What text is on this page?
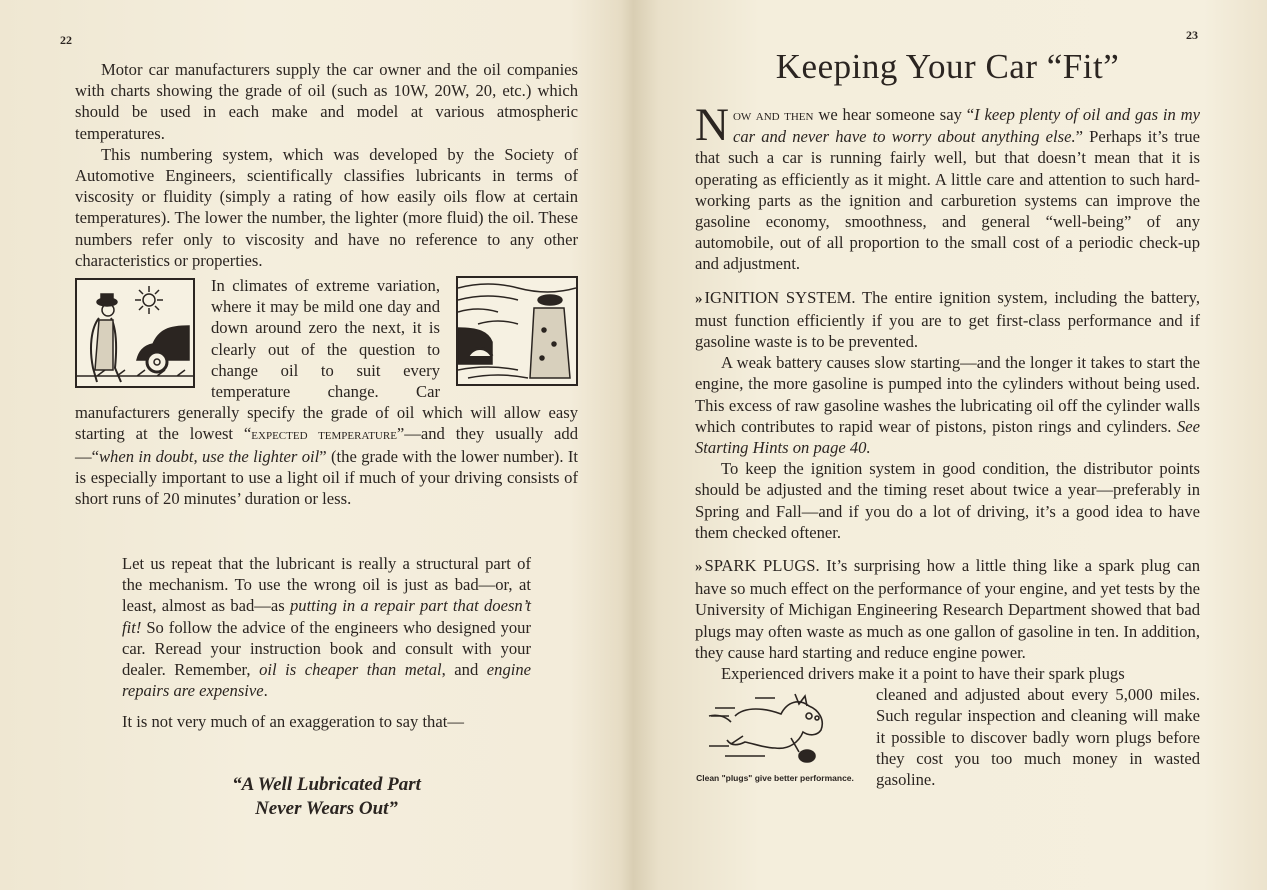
22

Motor car manufacturers supply the car owner and the oil companies with charts showing the grade of oil (such as 10W, 20W, 20, etc.) which should be used in each make and model at various atmospheric temperatures.

This numbering system, which was developed by the Society of Automotive Engineers, scientifically classifies lubricants in terms of viscosity or fluidity (simply a rating of how easily oils flow at certain temperatures). The lower the number, the lighter (more fluid) the oil. These numbers refer only to viscosity and have no reference to any other characteristics or properties.

In climates of extreme variation, where it may be mild one day and down around zero the next, it is clearly out of the question to change oil to suit every temperature change. Car manufacturers generally specify the grade of oil which will allow easy starting at the lowest “expected temperature”—and they usually add—“when in doubt, use the lighter oil” (the grade with the lower number). It is especially important to use a light oil if much of your driving consists of short runs of 20 minutes’ duration or less.

Let us repeat that the lubricant is really a structural part of the mechanism. To use the wrong oil is just as bad—or, at least, almost as bad—as putting in a repair part that doesn’t fit! So follow the advice of the engineers who designed your car. Reread your instruction book and consult with your dealer. Remember, oil is cheaper than metal, and engine repairs are expensive.

It is not very much of an exaggeration to say that—

“A Well Lubricated Part
Never Wears Out”
23
Keeping Your Car “Fit”

Now and then we hear someone say “I keep plenty of oil and gas in my car and never have to worry about anything else.” Perhaps it’s true that such a car is running fairly well, but that doesn’t mean that it is operating as efficiently as it might. A little care and attention to such hard-working parts as the ignition and carburetion systems can improve the gasoline economy, smoothness, and general “well-being” of any automobile, out of all proportion to the small cost of a periodic check-up and adjustment.

» IGNITION SYSTEM. The entire ignition system, including the battery, must function efficiently if you are to get first-class performance and if gasoline waste is to be prevented.

A weak battery causes slow starting—and the longer it takes to start the engine, the more gasoline is pumped into the cylinders without being used. This excess of raw gasoline washes the lubricating oil off the cylinder walls which contributes to rapid wear of pistons, piston rings and cylinders. See Starting Hints on page 40.

To keep the ignition system in good condition, the distributor points should be adjusted and the timing reset about twice a year—preferably in Spring and Fall—and if you do a lot of driving, it’s a good idea to have them checked oftener.

» SPARK PLUGS. It’s surprising how a little thing like a spark plug can have so much effect on the performance of your engine, and yet tests by the University of Michigan Engineering Research Department showed that bad plugs may often waste as much as one gallon of gasoline in ten. In addition, they cause hard starting and reduce engine power.

Experienced drivers make it a point to have their spark plugs

Clean "plugs" give better performance.
cleaned and adjusted about every 5,000 miles. Such regular inspection and cleaning will make it possible to discover badly worn plugs before they cost you too much money in wasted gasoline.
